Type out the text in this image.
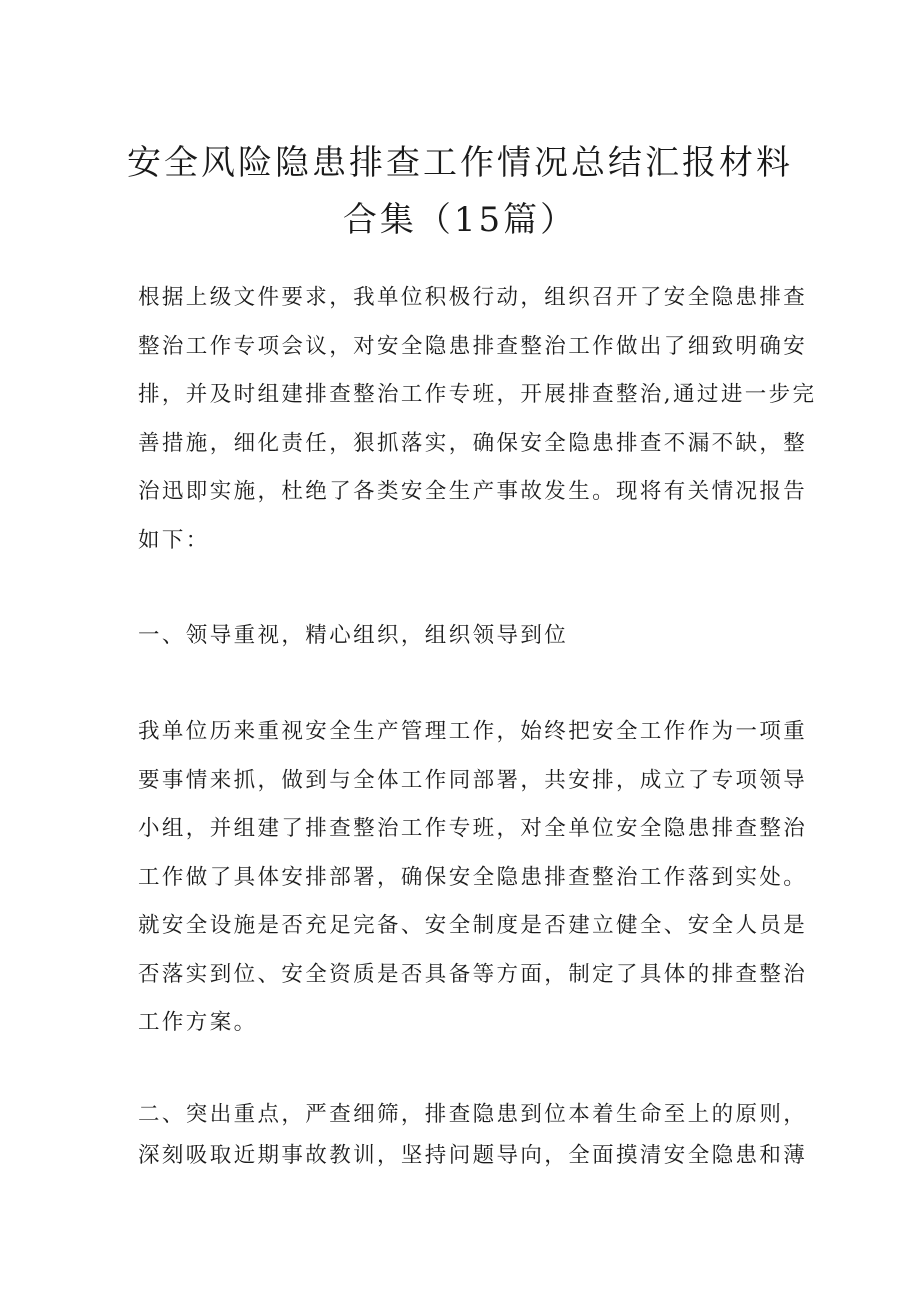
安全风险隐患排查工作情况总结汇报材料
合集（15篇）
根据上级文件要求，我单位积极行动，组织召开了安全隐患排查
整治工作专项会议，对安全隐患排查整治工作做出了细致明确安
排，并及时组建排查整治工作专班，开展排查整治,通过进一步完
善措施，细化责任，狠抓落实，确保安全隐患排查不漏不缺，整
治迅即实施，杜绝了各类安全生产事故发生。现将有关情况报告
如下：
一、领导重视，精心组织，组织领导到位
我单位历来重视安全生产管理工作，始终把安全工作作为一项重
要事情来抓，做到与全体工作同部署，共安排，成立了专项领导
小组，并组建了排查整治工作专班，对全单位安全隐患排查整治
工作做了具体安排部署，确保安全隐患排查整治工作落到实处。
就安全设施是否充足完备、安全制度是否建立健全、安全人员是
否落实到位、安全资质是否具备等方面，制定了具体的排查整治
工作方案。
二、突出重点，严查细筛，排查隐患到位本着生命至上的原则，
深刻吸取近期事故教训，坚持问题导向，全面摸清安全隐患和薄
